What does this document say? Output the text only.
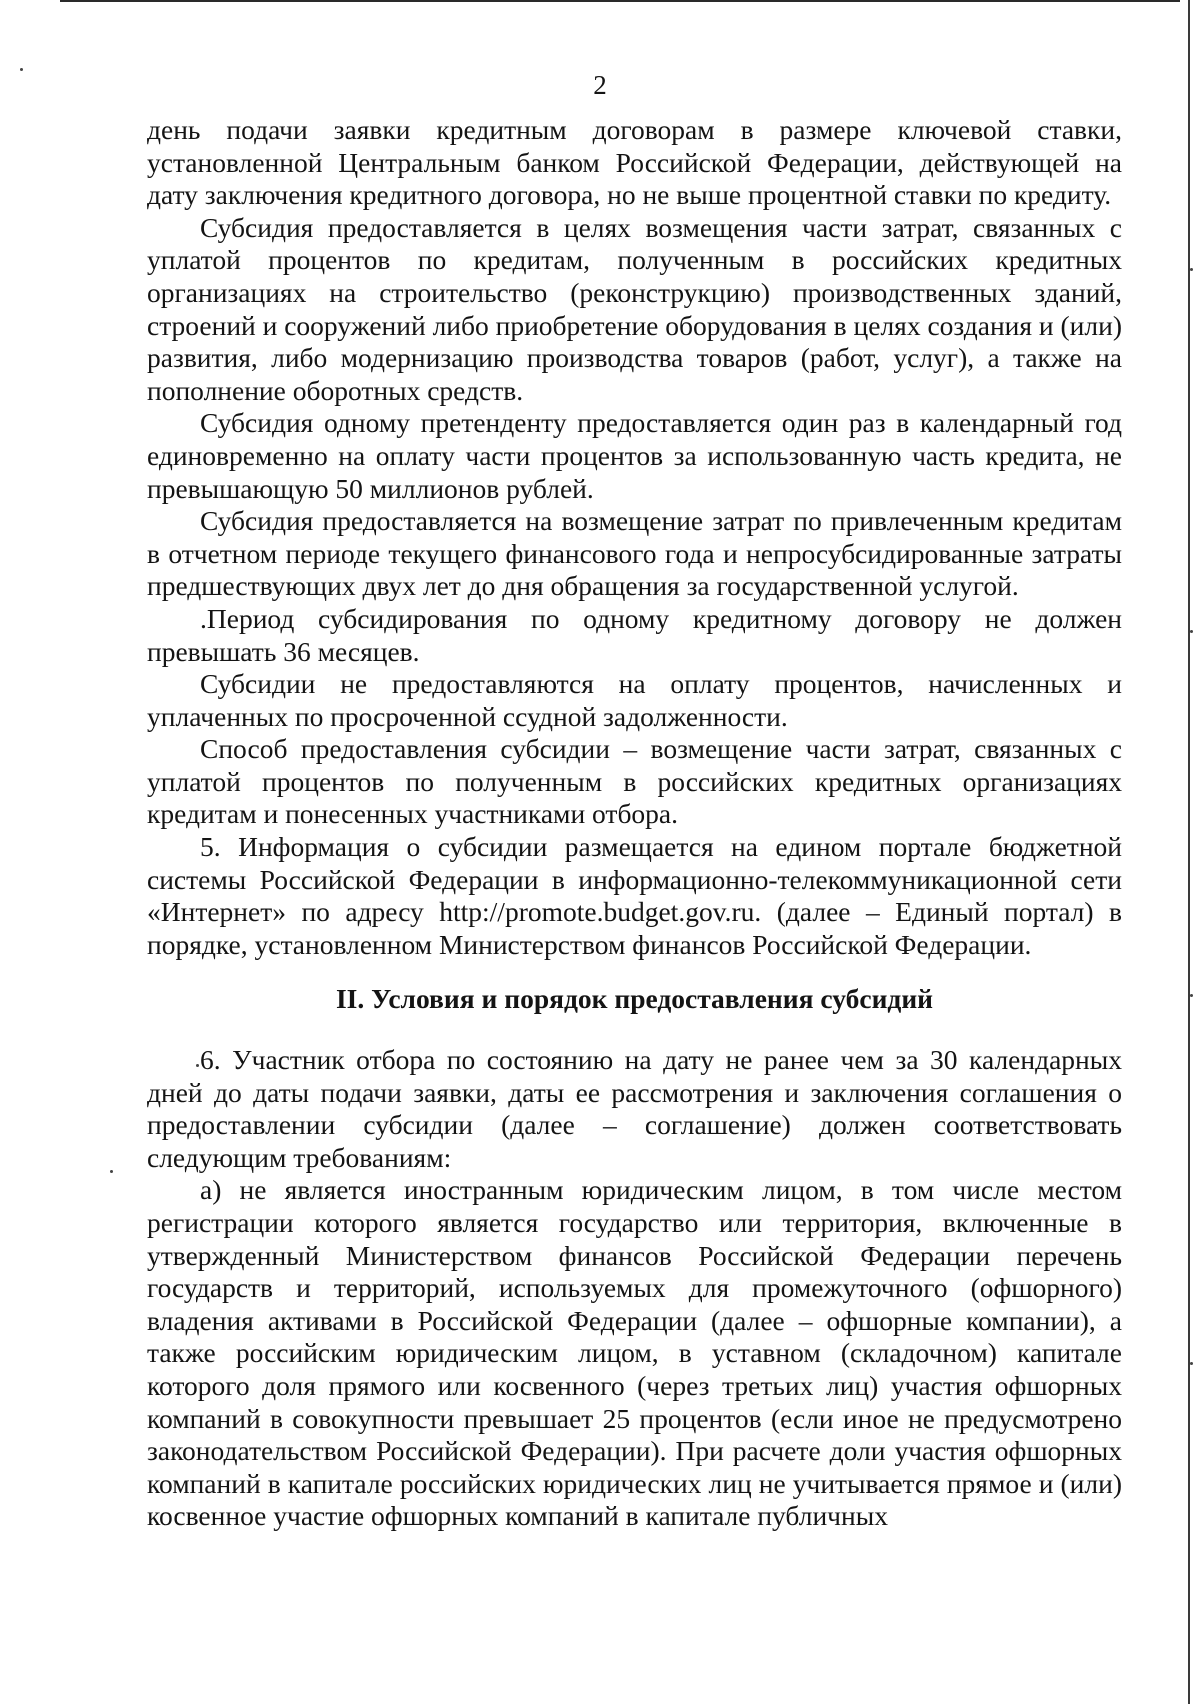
2

день подачи заявки кредитным договорам в размере ключевой ставки, установленной Центральным банком Российской Федерации, действующей на дату заключения кредитного договора, но не выше процентной ставки по кредиту.

Субсидия предоставляется в целях возмещения части затрат, связанных с уплатой процентов по кредитам, полученным в российских кредитных организациях на строительство (реконструкцию) производственных зданий, строений и сооружений либо приобретение оборудования в целях создания и (или) развития, либо модернизацию производства товаров (работ, услуг), а также на пополнение оборотных средств.

Субсидия одному претенденту предоставляется один раз в календарный год единовременно на оплату части процентов за использованную часть кредита, не превышающую 50 миллионов рублей.

Субсидия предоставляется на возмещение затрат по привлеченным кредитам в отчетном периоде текущего финансового года и непросубсидированные затраты предшествующих двух лет до дня обращения за государственной услугой.

.Период субсидирования по одному кредитному договору не должен превышать 36 месяцев.

Субсидии не предоставляются на оплату процентов, начисленных и уплаченных по просроченной ссудной задолженности.

Способ предоставления субсидии – возмещение части затрат, связанных с уплатой процентов по полученным в российских кредитных организациях кредитам и понесенных участниками отбора.

5. Информация о субсидии размещается на едином портале бюджетной системы Российской Федерации в информационно-телекоммуникационной сети «Интернет» по адресу http://promote.budget.gov.ru. (далее – Единый портал) в порядке, установленном Министерством финансов Российской Федерации.

II. Условия и порядок предоставления субсидий

6. Участник отбора по состоянию на дату не ранее чем за 30 календарных дней до даты подачи заявки, даты ее рассмотрения и заключения соглашения о предоставлении субсидии (далее – соглашение) должен соответствовать следующим требованиям:

а) не является иностранным юридическим лицом, в том числе местом регистрации которого является государство или территория, включенные в утвержденный Министерством финансов Российской Федерации перечень государств и территорий, используемых для промежуточного (офшорного) владения активами в Российской Федерации (далее – офшорные компании), а также российским юридическим лицом, в уставном (складочном) капитале которого доля прямого или косвенного (через третьих лиц) участия офшорных компаний в совокупности превышает 25 процентов (если иное не предусмотрено законодательством Российской Федерации). При расчете доли участия офшорных компаний в капитале российских юридических лиц не учитывается прямое и (или) косвенное участие офшорных компаний в капитале публичных
